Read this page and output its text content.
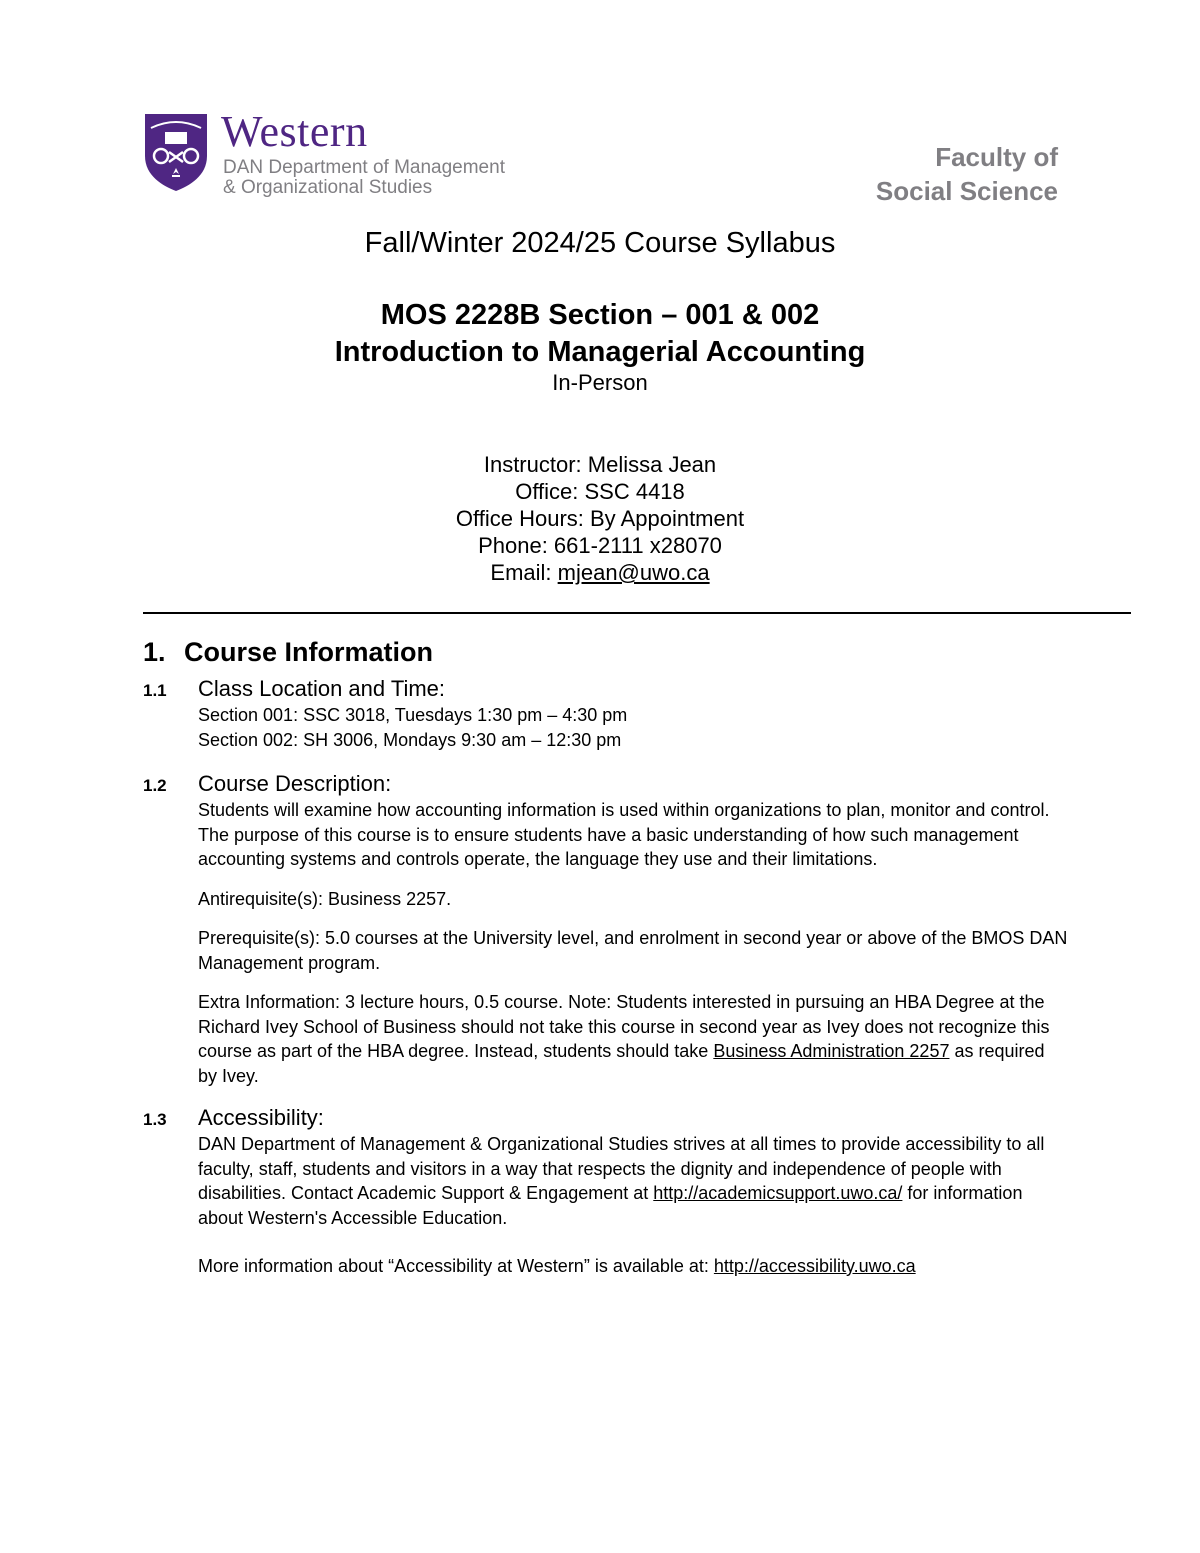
Western
DAN Department of Management
& Organizational Studies
Faculty of
Social Science
Fall/Winter 2024/25 Course Syllabus
MOS 2228B Section – 001 & 002
Introduction to Managerial Accounting
In-Person
Instructor: Melissa Jean
Office: SSC 4418
Office Hours: By Appointment
Phone: 661-2111 x28070
Email: mjean@uwo.ca
1. Course Information
1.1 Class Location and Time:
Section 001: SSC 3018, Tuesdays 1:30 pm – 4:30 pm
Section 002: SH 3006, Mondays 9:30 am – 12:30 pm
1.2 Course Description:

Students will examine how accounting information is used within organizations to plan, monitor and control. The purpose of this course is to ensure students have a basic understanding of how such management accounting systems and controls operate, the language they use and their limitations.

Antirequisite(s): Business 2257.

Prerequisite(s): 5.0 courses at the University level, and enrolment in second year or above of the BMOS DAN Management program.

Extra Information: 3 lecture hours, 0.5 course. Note: Students interested in pursuing an HBA Degree at the Richard Ivey School of Business should not take this course in second year as Ivey does not recognize this course as part of the HBA degree. Instead, students should take Business Administration 2257 as required by Ivey.

1.3 Accessibility:

DAN Department of Management & Organizational Studies strives at all times to provide accessibility to all faculty, staff, students and visitors in a way that respects the dignity and independence of people with disabilities. Contact Academic Support & Engagement at http://academicsupport.uwo.ca/ for information about Western's Accessible Education.

More information about “Accessibility at Western” is available at: http://accessibility.uwo.ca
